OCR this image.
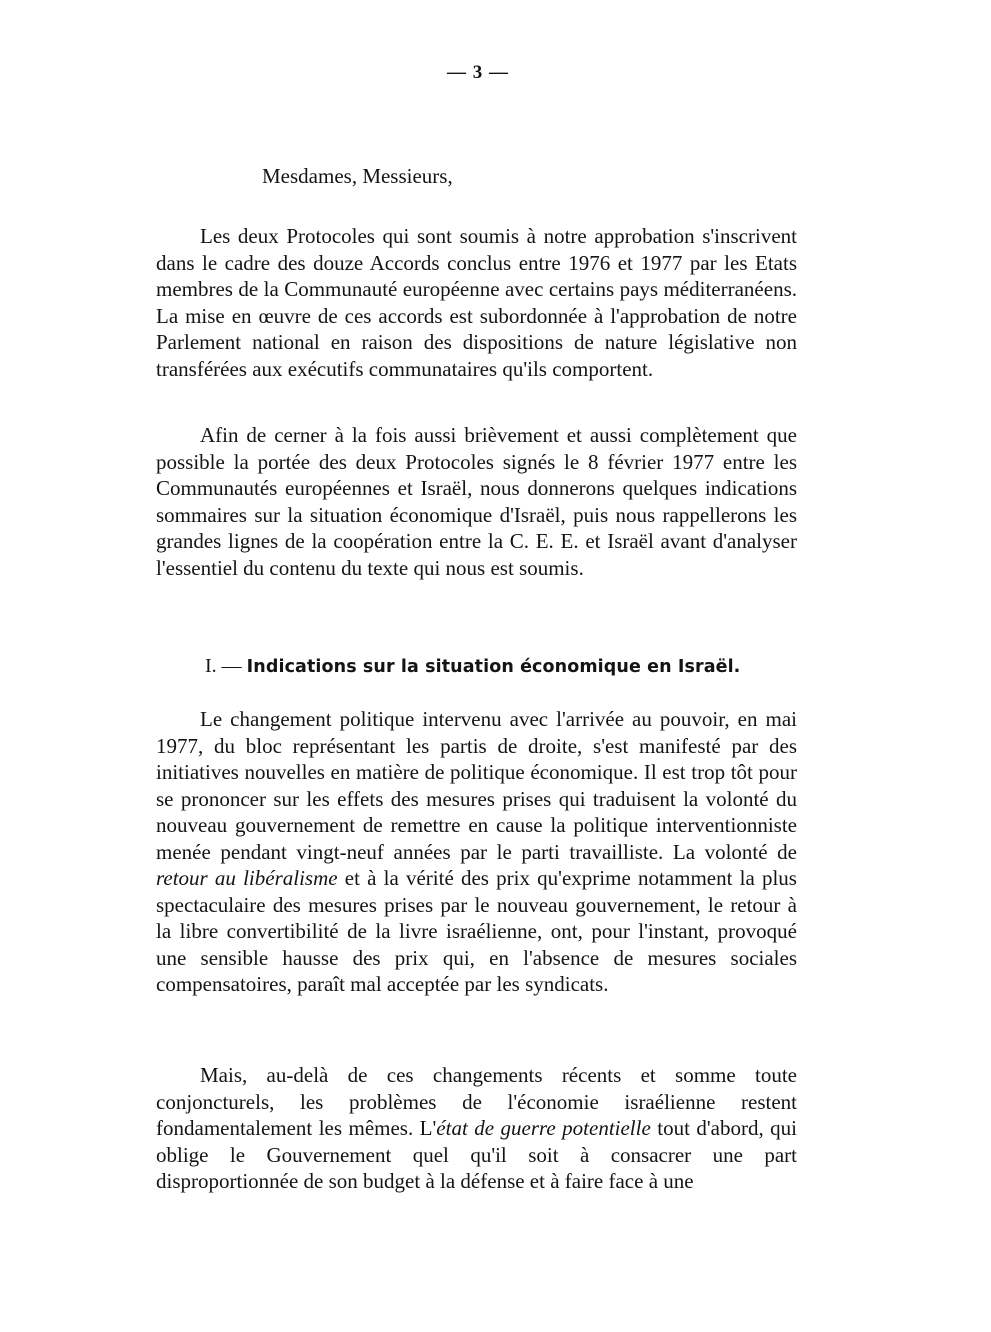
— 3 —
Mesdames, Messieurs,

Les deux Protocoles qui sont soumis à notre approbation s'inscrivent dans le cadre des douze Accords conclus entre 1976 et 1977 par les Etats membres de la Communauté européenne avec certains pays méditerranéens. La mise en œuvre de ces accords est subordonnée à l'approbation de notre Parlement national en raison des dispositions de nature législative non transférées aux exécutifs communataires qu'ils comportent.

Afin de cerner à la fois aussi brièvement et aussi complètement que possible la portée des deux Protocoles signés le 8 février 1977 entre les Communautés européennes et Israël, nous donnerons quelques indications sommaires sur la situation économique d'Israël, puis nous rappellerons les grandes lignes de la coopération entre la C. E. E. et Israël avant d'analyser l'essentiel du contenu du texte qui nous est soumis.

I. — Indications sur la situation économique en Israël.

Le changement politique intervenu avec l'arrivée au pouvoir, en mai 1977, du bloc représentant les partis de droite, s'est manifesté par des initiatives nouvelles en matière de politique économique. Il est trop tôt pour se prononcer sur les effets des mesures prises qui traduisent la volonté du nouveau gouvernement de remettre en cause la politique interventionniste menée pendant vingt-neuf années par le parti travailliste. La volonté de retour au libéralisme et à la vérité des prix qu'exprime notamment la plus spectaculaire des mesures prises par le nouveau gouvernement, le retour à la libre convertibilité de la livre israélienne, ont, pour l'instant, provoqué une sensible hausse des prix qui, en l'absence de mesures sociales compensatoires, paraît mal acceptée par les syndicats.

Mais, au-delà de ces changements récents et somme toute conjoncturels, les problèmes de l'économie israélienne restent fondamentalement les mêmes. L'état de guerre potentielle tout d'abord, qui oblige le Gouvernement quel qu'il soit à consacrer une part disproportionnée de son budget à la défense et à faire face à une
